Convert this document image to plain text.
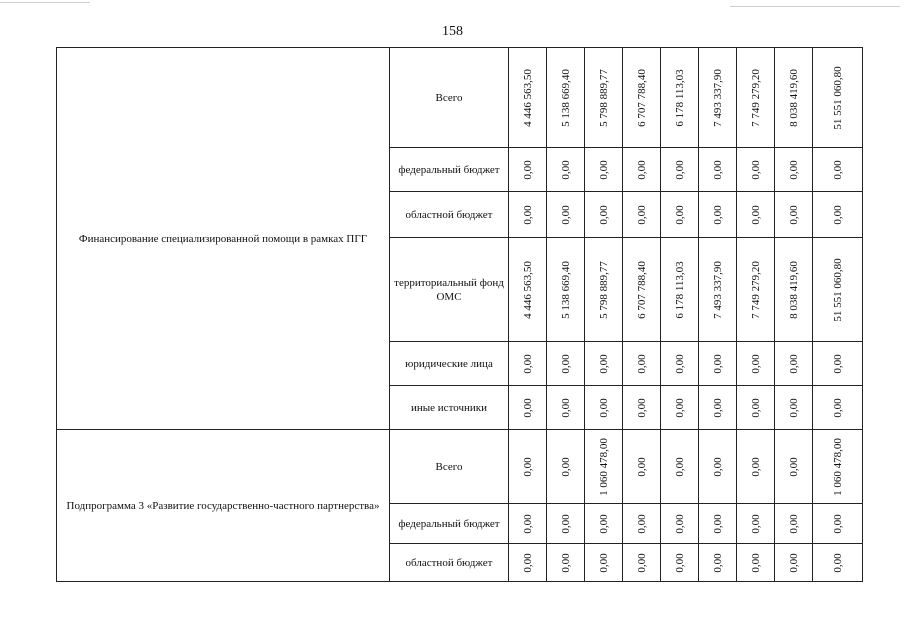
158
Финансирование специализированной помощи в рамках ПГГ	Всего	4 446 563,50	5 138 669,40	5 798 889,77	6 707 788,40	6 178 113,03	7 493 337,90	7 749 279,20	8 038 419,60	51 551 060,80

	федеральный бюджет	0,00	0,00	0,00	0,00	0,00	0,00	0,00	0,00	0,00

	областной бюджет	0,00	0,00	0,00	0,00	0,00	0,00	0,00	0,00	0,00

	территориальный фонд ОМС	4 446 563,50	5 138 669,40	5 798 889,77	6 707 788,40	6 178 113,03	7 493 337,90	7 749 279,20	8 038 419,60	51 551 060,80

	юридические лица	0,00	0,00	0,00	0,00	0,00	0,00	0,00	0,00	0,00

	иные источники	0,00	0,00	0,00	0,00	0,00	0,00	0,00	0,00	0,00

Подпрограмма 3 «Развитие государственно-частного партнерства»	Всего	0,00	0,00	1 060 478,00	0,00	0,00	0,00	0,00	0,00	1 060 478,00

	федеральный бюджет	0,00	0,00	0,00	0,00	0,00	0,00	0,00	0,00	0,00

	областной бюджет	0,00	0,00	0,00	0,00	0,00	0,00	0,00	0,00	0,00
